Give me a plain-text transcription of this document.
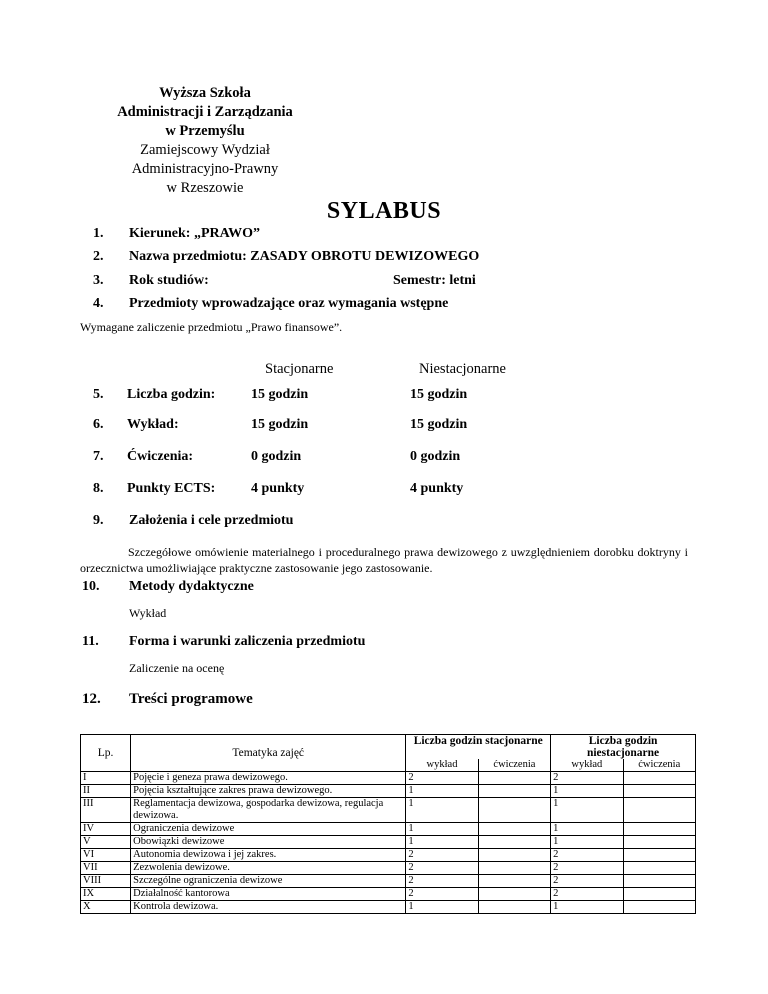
Wyższa Szkoła
Administracji i Zarządzania
w Przemyślu
Zamiejscowy Wydział
Administracyjno-Prawny
w Rzeszowie
SYLABUS
1. Kierunek: „PRAWO”
2. Nazwa przedmiotu: ZASADY OBROTU DEWIZOWEGO
3. Rok studiów:	Semestr: letni
4. Przedmioty wprowadzające oraz wymagania wstępne
Wymagane zaliczenie przedmiotu „Prawo finansowe”.
Stacjonarne	Niestacjonarne
5. Liczba godzin:	15 godzin	15 godzin
6. Wykład:	15 godzin	15 godzin
7. Ćwiczenia:	0 godzin	0 godzin
8. Punkty ECTS:	4 punkty	4 punkty
9. Założenia i cele przedmiotu
Szczegółowe omówienie materialnego i proceduralnego prawa dewizowego z uwzględnieniem dorobku doktryny i orzecznictwa umożliwiające praktyczne zastosowanie jego zastosowanie.
10. Metody dydaktyczne
Wykład
11. Forma i warunki zaliczenia przedmiotu
Zaliczenie na ocenę
12. Treści programowe
Lp.	Tematyka zajęć	Liczba godzin stacjonarne		Liczba godzin niestacjonarne	
		wykład	ćwiczenia	wykład	ćwiczenia
I	Pojęcie i geneza prawa dewizowego.	2		2	
II	Pojęcia kształtujące zakres prawa dewizowego.	1		1	
III	Reglamentacja dewizowa, gospodarka dewizowa, regulacja dewizowa.	1		1	
IV	Ograniczenia dewizowe	1		1	
V	Obowiązki dewizowe	1		1	
VI	Autonomia dewizowa i jej zakres.	2		2	
VII	Zezwolenia dewizowe.	2		2	
VIII	Szczególne ograniczenia dewizowe	2		2	
IX	Działalność kantorowa	2		2	
X	Kontrola dewizowa.	1		1	
